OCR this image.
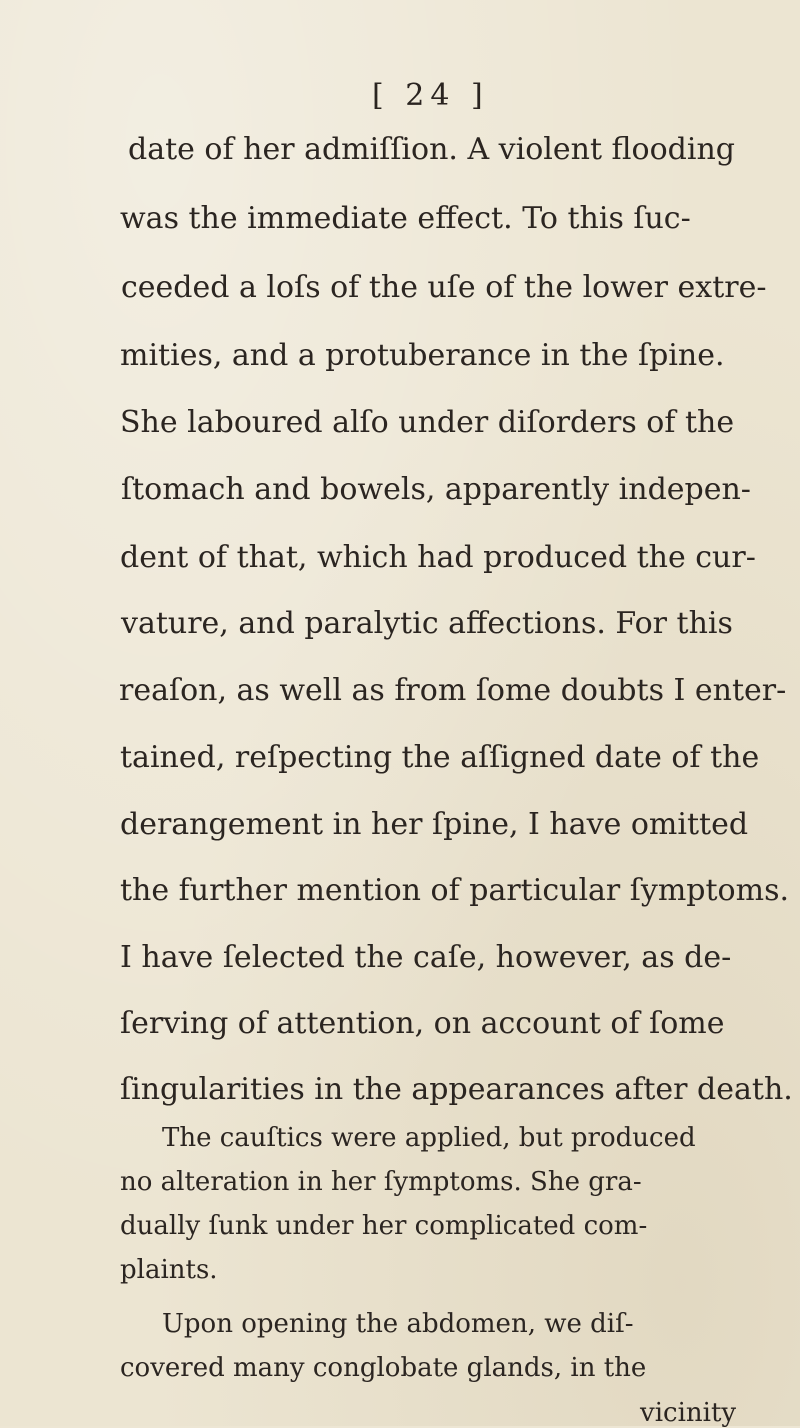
[ 24 ]
date of her admiſſion. A violent flooding
was the immediate effect. To this ſuc-
ceeded a loſs of the uſe of the lower extre-
mities, and a protuberance in the ſpine.
She laboured alſo under diſorders of the
ſtomach and bowels, apparently indepen-
dent of that, which had produced the cur-
vature, and paralytic affections. For this
reaſon, as well as from ſome doubts I enter-
tained, reſpecting the aſſigned date of the
derangement in her ſpine, I have omitted
the further mention of particular ſymptoms.
I have ſelected the caſe, however, as de-
ſerving of attention, on account of ſome
ſingularities in the appearances after death.
The cauſtics were applied, but produced
no alteration in her ſymptoms. She gra-
dually ſunk under her complicated com-
plaints.
Upon opening the abdomen, we diſ-
covered many conglobate glands, in the
vicinity
